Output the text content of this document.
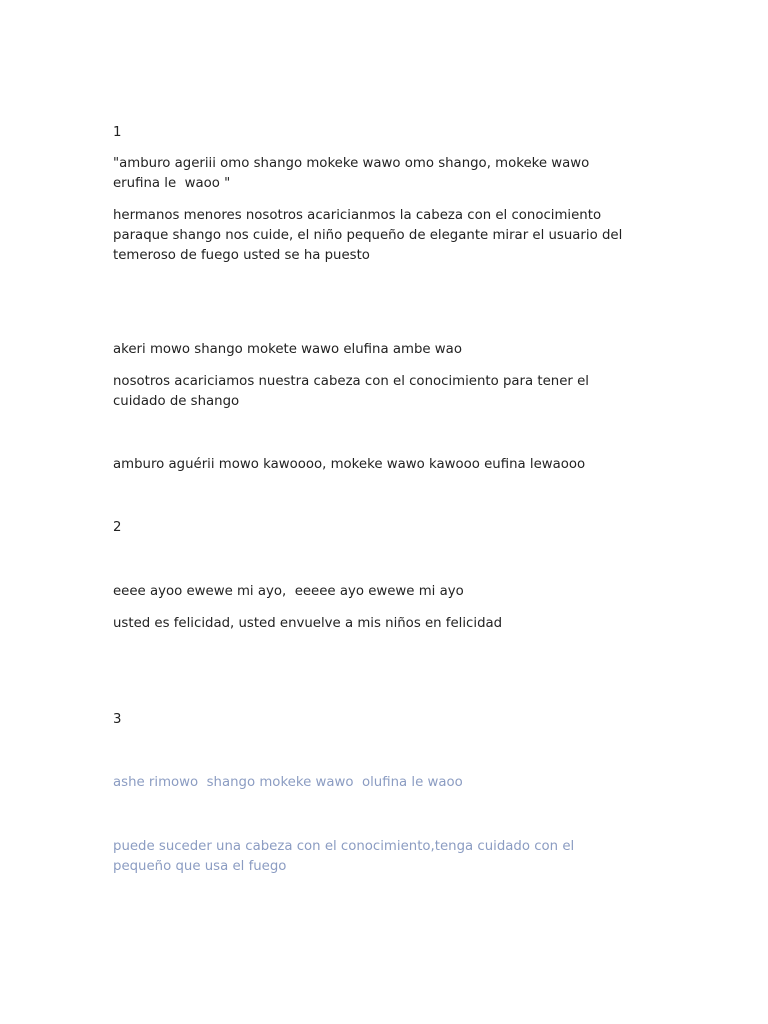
1
"amburo ageriii omo shango mokeke wawo omo shango, mokeke wawo
erufina le  waoo "
hermanos menores nosotros acaricianmos la cabeza con el conocimiento
paraque shango nos cuide, el niño pequeño de elegante mirar el usuario del
temeroso de fuego usted se ha puesto
akeri mowo shango mokete wawo elufina ambe wao
nosotros acariciamos nuestra cabeza con el conocimiento para tener el
cuidado de shango
amburo aguérii mowo kawoooo, mokeke wawo kawooo eufina lewaooo
2
eeee ayoo ewewe mi ayo,  eeeee ayo ewewe mi ayo
usted es felicidad, usted envuelve a mis niños en felicidad
3
ashe rimowo  shango mokeke wawo  olufina le waoo
puede suceder una cabeza con el conocimiento,tenga cuidado con el
pequeño que usa el fuego
